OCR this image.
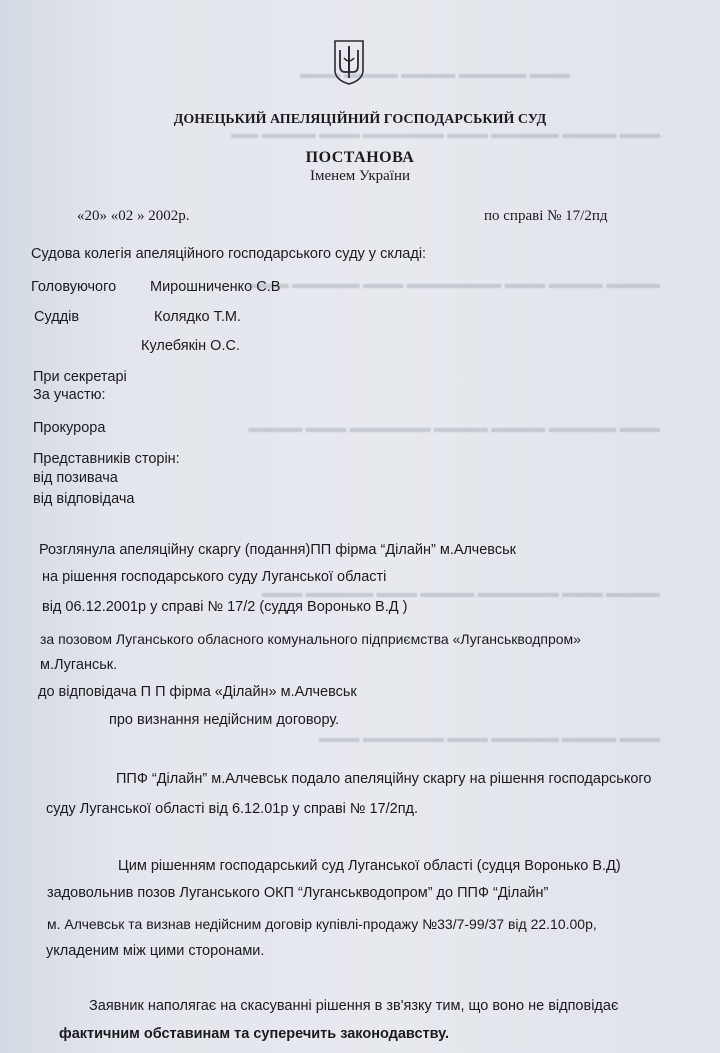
▬▬▬ ▬▬▬▬▬ ▬▬▬▬ ▬▬▬▬ ▬▬▬
▬▬▬ ▬▬▬▬ ▬▬▬▬▬ ▬▬▬ ▬▬▬▬▬▬ ▬▬▬ ▬▬▬▬ ▬▬
▬▬▬▬ ▬▬▬▬ ▬▬▬ ▬▬▬▬▬▬▬ ▬▬▬ ▬▬▬▬▬ ▬▬▬
▬▬▬ ▬▬▬▬▬ ▬▬▬▬ ▬▬▬▬ ▬▬▬▬▬▬ ▬▬▬ ▬▬▬▬
▬▬▬▬ ▬▬▬ ▬▬▬▬▬▬ ▬▬▬▬ ▬▬▬ ▬▬▬▬▬ ▬▬▬
▬▬▬ ▬▬▬▬ ▬▬▬▬▬ ▬▬▬ ▬▬▬▬▬▬ ▬▬▬
ДОНЕЦЬКИЙ АПЕЛЯЦІЙНИЙ ГОСПОДАРСЬКИЙ СУД
ПОСТАНОВА
Іменем України
«20» «02 » 2002р.	по справі № 17/2пд
Судова колегія апеляційного господарського суду у складі:
Головуючого Мирошниченко С.В
Суддів	Колядко Т.М.
Кулебякін О.С.
При секретарі
За участю:
Прокурора
Представників сторін:
від позивача
від відповідача
Розглянула апеляційну скаргу (подання)ПП фірма “Ділайн” м.Алчевськ
на рішення господарського суду Луганської області
від 06.12.2001р у справі № 17/2 (суддя Воронько В.Д )
за позовом Луганського обласного комунального підприємства «Луганськводпром»
м.Луганськ.
до відповідача П П фірма «Ділайн» м.Алчевськ
про визнання недійсним договору.
ППФ “Ділайн” м.Алчевськ подало апеляційну скаргу на рішення господарського
суду Луганської області від 6.12.01р у справі № 17/2пд.
Цим рішенням господарський суд Луганської області (судця Воронько В.Д)
задовольнив позов Луганського ОКП “Луганськводопром” до ППФ “Ділайн”
м. Алчевськ та визнав недійсним договір купівлі-продажу №33/7-99/37 від 22.10.00р,
укладеним між цими сторонами.
Заявник наполягає на скасуванні рішення в зв'язку тим, що воно не відповідає
фактичним обставинам та суперечить законодавству.
